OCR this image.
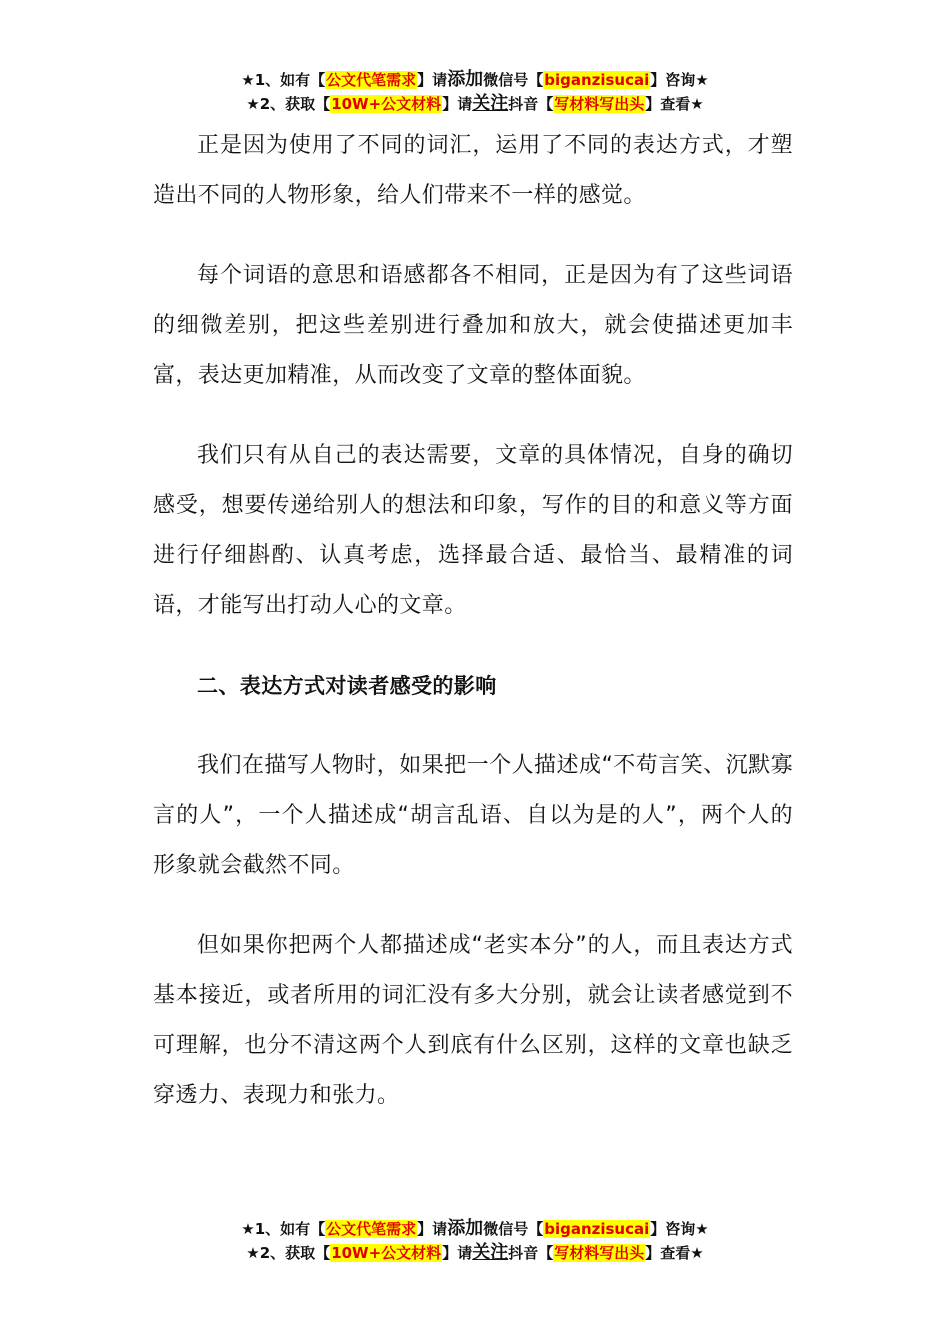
★1、如有【公文代笔需求】请添加微信号【biganzisucai】咨询★
★2、获取【10W+公文材料】请关注抖音【写材料写出头】查看★

正是因为使用了不同的词汇，运用了不同的表达方式，才塑造出不同的人物形象，给人们带来不一样的感觉。

每个词语的意思和语感都各不相同，正是因为有了这些词语的细微差别，把这些差别进行叠加和放大，就会使描述更加丰富，表达更加精准，从而改变了文章的整体面貌。

我们只有从自己的表达需要，文章的具体情况，自身的确切感受，想要传递给别人的想法和印象，写作的目的和意义等方面进行仔细斟酌、认真考虑，选择最合适、最恰当、最精准的词语，才能写出打动人心的文章。

二、表达方式对读者感受的影响

我们在描写人物时，如果把一个人描述成“不苟言笑、沉默寡言的人”，一个人描述成“胡言乱语、自以为是的人”，两个人的形象就会截然不同。

但如果你把两个人都描述成“老实本分”的人，而且表达方式基本接近，或者所用的词汇没有多大分别，就会让读者感觉到不可理解，也分不清这两个人到底有什么区别，这样的文章也缺乏穿透力、表现力和张力。

★1、如有【公文代笔需求】请添加微信号【biganzisucai】咨询★
★2、获取【10W+公文材料】请关注抖音【写材料写出头】查看★
